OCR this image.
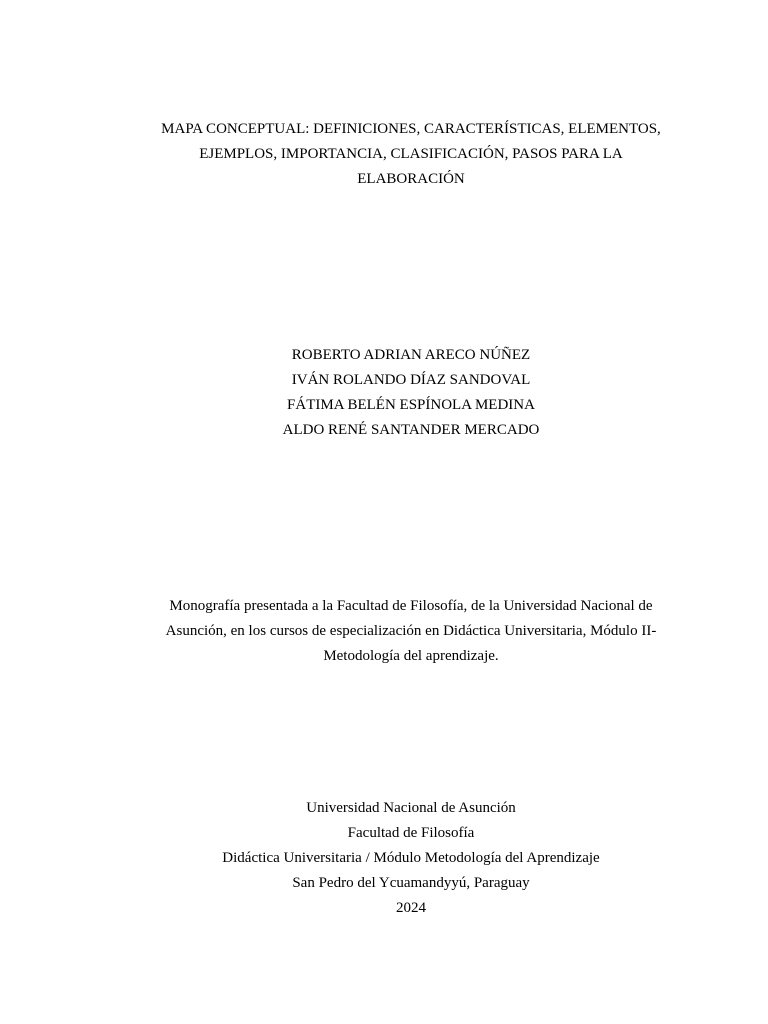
MAPA CONCEPTUAL: DEFINICIONES, CARACTERÍSTICAS, ELEMENTOS,
EJEMPLOS, IMPORTANCIA, CLASIFICACIÓN, PASOS PARA LA
ELABORACIÓN
ROBERTO ADRIAN ARECO NÚÑEZ
IVÁN ROLANDO DÍAZ SANDOVAL
FÁTIMA BELÉN ESPÍNOLA MEDINA
ALDO RENÉ SANTANDER MERCADO
Monografía presentada a la Facultad de Filosofía, de la Universidad Nacional de
Asunción, en los cursos de especialización en Didáctica Universitaria, Módulo II-
Metodología del aprendizaje.
Universidad Nacional de Asunción
Facultad de Filosofía
Didáctica Universitaria / Módulo Metodología del Aprendizaje
San Pedro del Ycuamandyyú, Paraguay
2024
